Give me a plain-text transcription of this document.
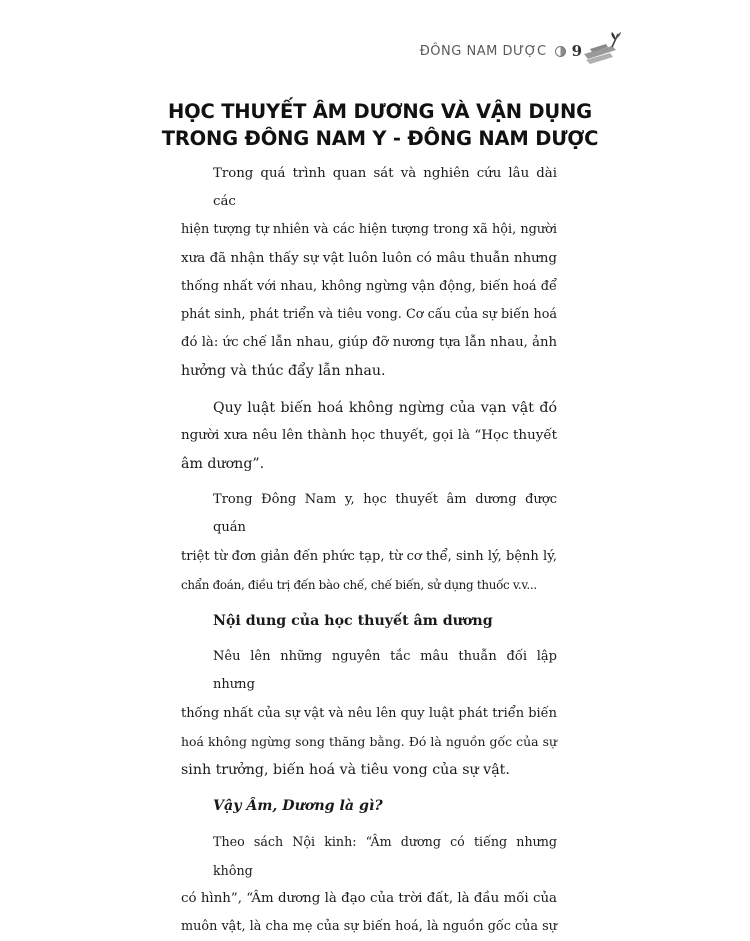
ĐÔNG NAM DƯỢC 9
HỌC THUYẾT ÂM DƯƠNG VÀ VẬN DỤNG
TRONG ĐÔNG NAM Y - ĐÔNG NAM DƯỢC
Trong quá trình quan sát và nghiên cứu lâu dài các
hiện tượng tự nhiên và các hiện tượng trong xã hội, người
xưa đã nhận thấy sự vật luôn luôn có mâu thuẫn nhưng
thống nhất với nhau, không ngừng vận động, biến hoá để
phát sinh, phát triển và tiêu vong. Cơ cấu của sự biến hoá
đó là: ức chế lẫn nhau, giúp đỡ nương tựa lẫn nhau, ảnh
hưởng và thúc đẩy lẫn nhau.
Quy luật biến hoá không ngừng của vạn vật đó
người xưa nêu lên thành học thuyết, gọi là “Học thuyết
âm dương”.
Trong Đông Nam y, học thuyết âm dương được quán
triệt từ đơn giản đến phức tạp, từ cơ thể, sinh lý, bệnh lý,
chẩn đoán, điều trị đến bào chế, chế biến, sử dụng thuốc v.v...
Nội dung của học thuyết âm dương
Nêu lên những nguyên tắc mâu thuẫn đối lập nhưng
thống nhất của sự vật và nêu lên quy luật phát triển biến
hoá không ngừng song thăng bằng. Đó là nguồn gốc của sự
sinh trưởng, biến hoá và tiêu vong của sự vật.
Vậy Âm, Dương là gì?
Theo sách Nội kinh: “Âm dương có tiếng nhưng không
có hình”, “Âm dương là đạo của trời đất, là đầu mối của
muôn vật, là cha mẹ của sự biến hoá, là nguồn gốc của sự
